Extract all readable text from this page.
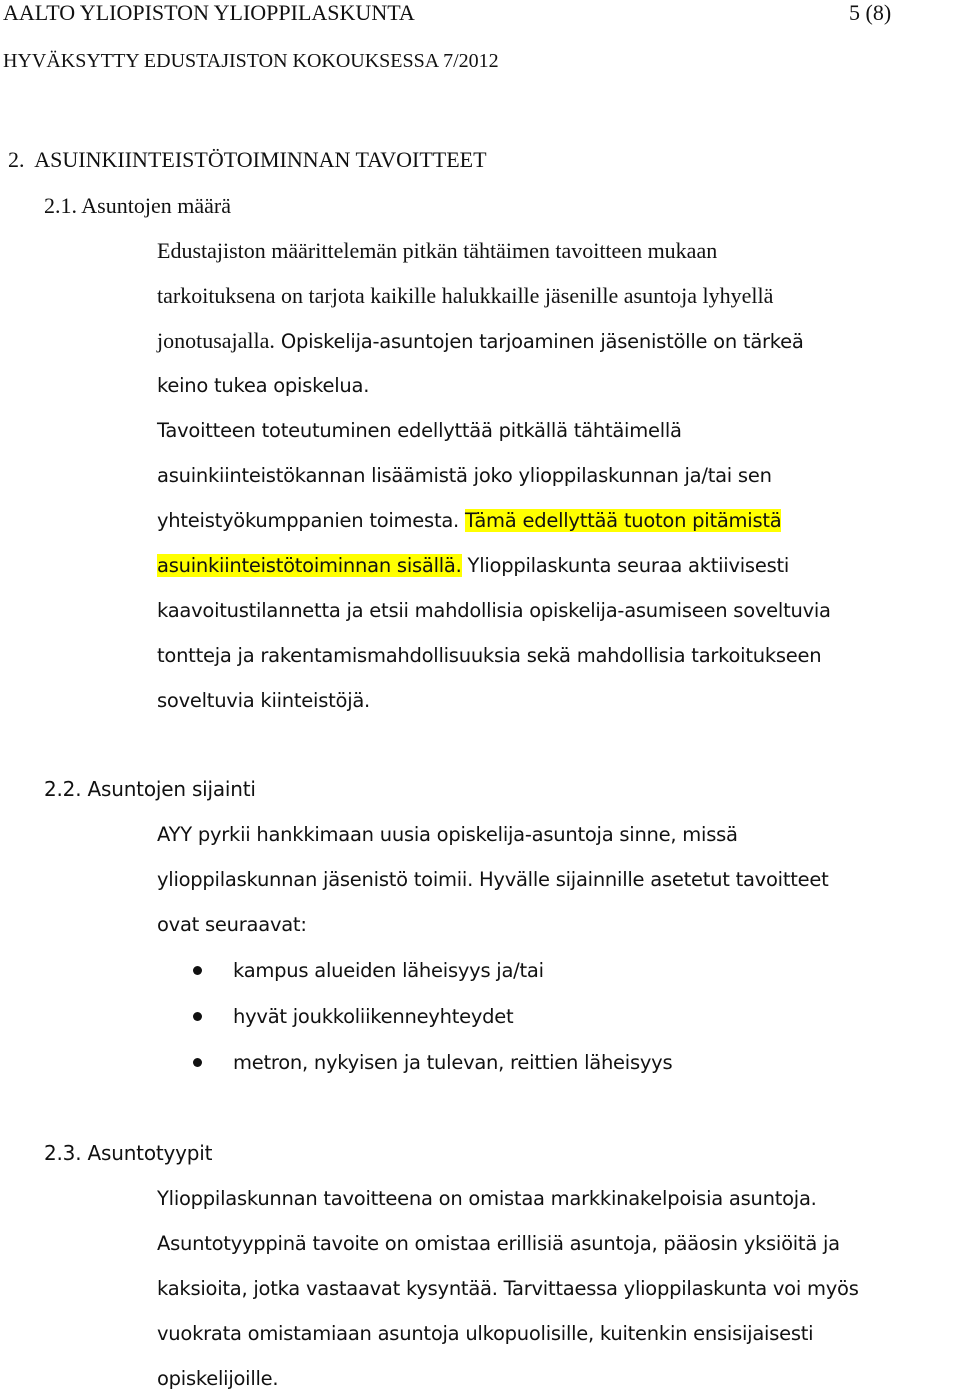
AALTO YLIOPISTON YLIOPPILASKUNTA	5 (8)
HYVÄKSYTTY EDUSTAJISTON KOKOUKSESSA 7/2012
2.  ASUINKIINTEISTÖTOIMINNAN TAVOITTEET
2.1. Asuntojen määrä
Edustajiston määrittelemän pitkän tähtäimen tavoitteen mukaan
tarkoituksena on tarjota kaikille halukkaille jäsenille asuntoja lyhyellä
jonotusajalla. Opiskelija-asuntojen tarjoaminen jäsenistölle on tärkeä
keino tukea opiskelua.
Tavoitteen toteutuminen edellyttää pitkällä tähtäimellä
asuinkiinteistökannan lisäämistä joko ylioppilaskunnan ja/tai sen
yhteistyökumppanien toimesta. Tämä edellyttää tuoton pitämistä
asuinkiinteistötoiminnan sisällä. Ylioppilaskunta seuraa aktiivisesti
kaavoitustilannetta ja etsii mahdollisia opiskelija-asumiseen soveltuvia
tontteja ja rakentamismahdollisuuksia sekä mahdollisia tarkoitukseen
soveltuvia kiinteistöjä.
2.2. Asuntojen sijainti
AYY pyrkii hankkimaan uusia opiskelija-asuntoja sinne, missä
ylioppilaskunnan jäsenistö toimii. Hyvälle sijainnille asetetut tavoitteet
ovat seuraavat:
kampus alueiden läheisyys ja/tai
hyvät joukkoliikenneyhteydet
metron, nykyisen ja tulevan, reittien läheisyys
2.3. Asuntotyypit
Ylioppilaskunnan tavoitteena on omistaa markkinakelpoisia asuntoja.
Asuntotyyppinä tavoite on omistaa erillisiä asuntoja, pääosin yksiöitä ja
kaksioita, jotka vastaavat kysyntää. Tarvittaessa ylioppilaskunta voi myös
vuokrata omistamiaan asuntoja ulkopuolisille, kuitenkin ensisijaisesti
opiskelijoille.
